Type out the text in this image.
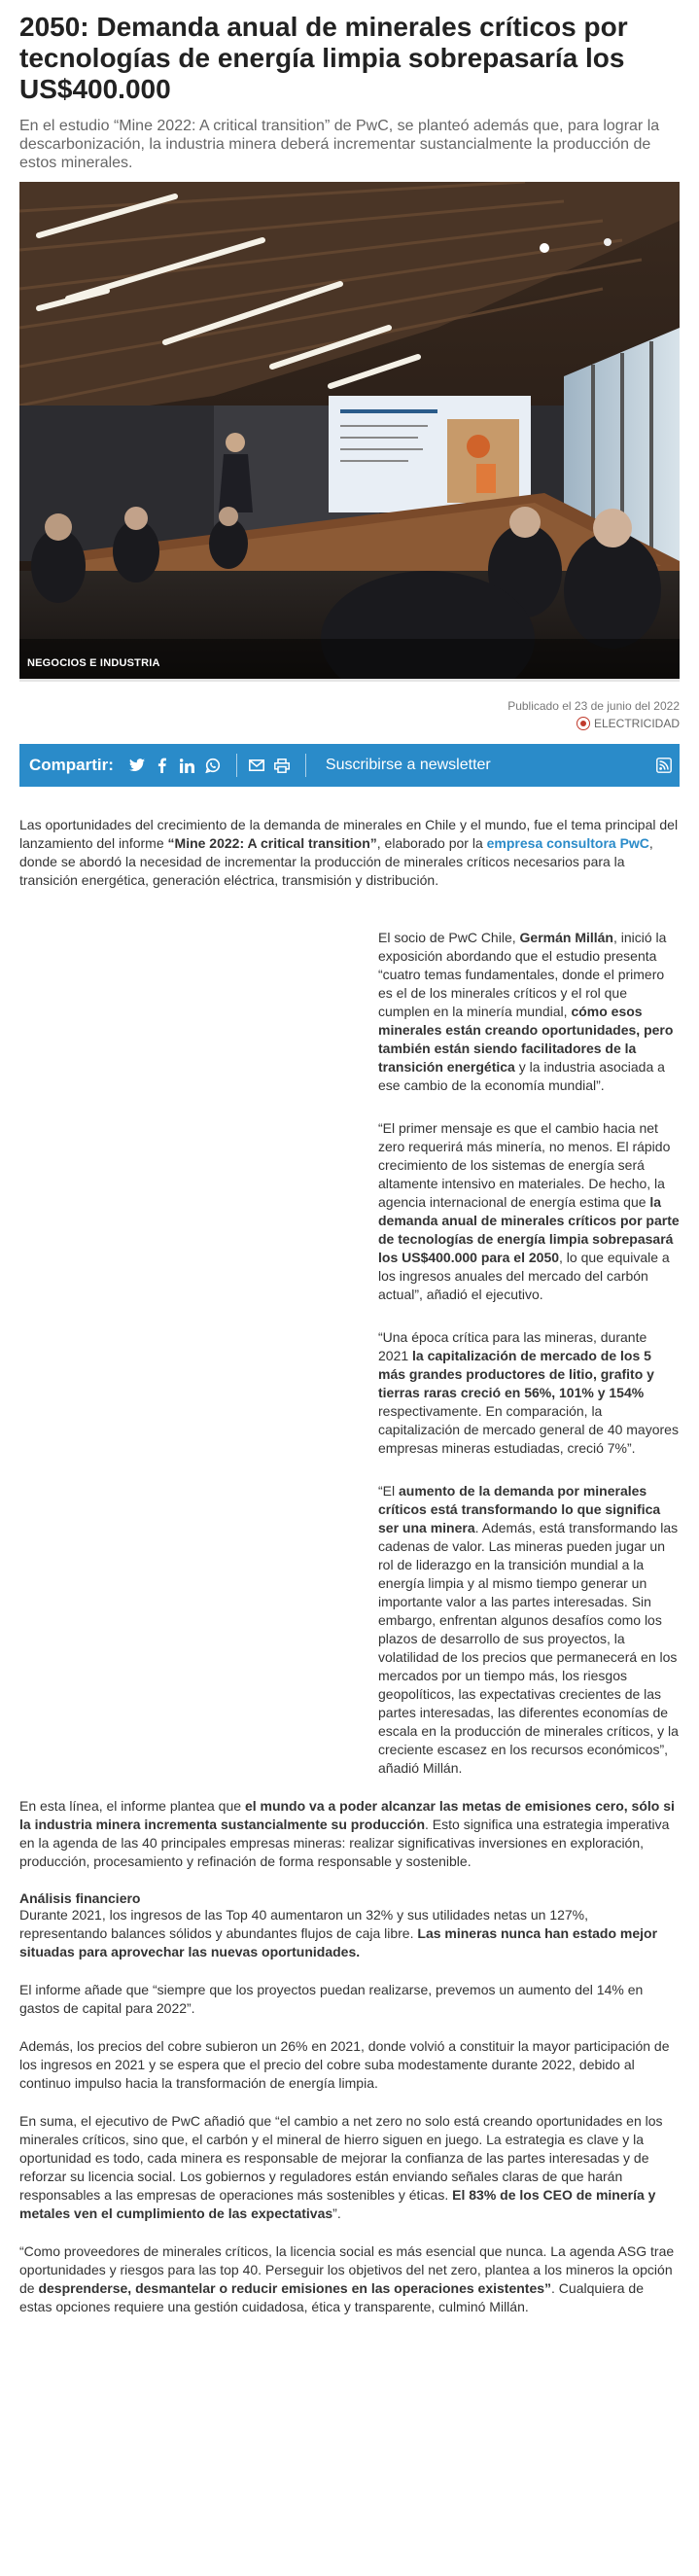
2050: Demanda anual de minerales críticos por tecnologías de energía limpia sobrepasaría los US$400.000

En el estudio “Mine 2022: A critical transition” de PwC, se planteó además que, para lograr la descarbonización, la industria minera deberá incrementar sustancialmente la producción de estos minerales.

NEGOCIOS E INDUSTRIA
Publicado el 23 de junio del 2022
ELECTRICIDAD
Compartir:	Suscribirse a newsletter

Las oportunidades del crecimiento de la demanda de minerales en Chile y el mundo, fue el tema principal del lanzamiento del informe “Mine 2022: A critical transition”, elaborado por la empresa consultora PwC, donde se abordó la necesidad de incrementar la producción de minerales críticos necesarios para la transición energética, generación eléctrica, transmisión y distribución.

El socio de PwC Chile, Germán Millán, inició la exposición abordando que el estudio presenta “cuatro temas fundamentales, donde el primero es el de los minerales críticos y el rol que cumplen en la minería mundial, cómo esos minerales están creando oportunidades, pero también están siendo facilitadores de la transición energética y la industria asociada a ese cambio de la economía mundial”.

“El primer mensaje es que el cambio hacia net zero requerirá más minería, no menos. El rápido crecimiento de los sistemas de energía será altamente intensivo en materiales. De hecho, la agencia internacional de energía estima que la demanda anual de minerales críticos por parte de tecnologías de energía limpia sobrepasará los US$400.000 para el 2050, lo que equivale a los ingresos anuales del mercado del carbón actual”, añadió el ejecutivo.

“Una época crítica para las mineras, durante 2021 la capitalización de mercado de los 5 más grandes productores de litio, grafito y tierras raras creció en 56%, 101% y 154% respectivamente. En comparación, la capitalización de mercado general de 40 mayores empresas mineras estudiadas, creció 7%”.

“El aumento de la demanda por minerales críticos está transformando lo que significa ser una minera. Además, está transformando las cadenas de valor. Las mineras pueden jugar un rol de liderazgo en la transición mundial a la energía limpia y al mismo tiempo generar un importante valor a las partes interesadas. Sin embargo, enfrentan algunos desafíos como los plazos de desarrollo de sus proyectos, la volatilidad de los precios que permanecerá en los mercados por un tiempo más, los riesgos geopolíticos, las expectativas crecientes de las partes interesadas, las diferentes economías de escala en la producción de minerales críticos, y la creciente escasez en los recursos económicos”, añadió Millán.

En esta línea, el informe plantea que el mundo va a poder alcanzar las metas de emisiones cero, sólo si la industria minera incrementa sustancialmente su producción. Esto significa una estrategia imperativa en la agenda de las 40 principales empresas mineras: realizar significativas inversiones en exploración, producción, procesamiento y refinación de forma responsable y sostenible.

Análisis financiero

Durante 2021, los ingresos de las Top 40 aumentaron un 32% y sus utilidades netas un 127%, representando balances sólidos y abundantes flujos de caja libre. Las mineras nunca han estado mejor situadas para aprovechar las nuevas oportunidades.

El informe añade que “siempre que los proyectos puedan realizarse, prevemos un aumento del 14% en gastos de capital para 2022”.

Además, los precios del cobre subieron un 26% en 2021, donde volvió a constituir la mayor participación de los ingresos en 2021 y se espera que el precio del cobre suba modestamente durante 2022, debido al continuo impulso hacia la transformación de energía limpia.

En suma, el ejecutivo de PwC añadió que “el cambio a net zero no solo está creando oportunidades en los minerales críticos, sino que, el carbón y el mineral de hierro siguen en juego. La estrategia es clave y la oportunidad es todo, cada minera es responsable de mejorar la confianza de las partes interesadas y de reforzar su licencia social. Los gobiernos y reguladores están enviando señales claras de que harán responsables a las empresas de operaciones más sostenibles y éticas. El 83% de los CEO de minería y metales ven el cumplimiento de las expectativas”.

“Como proveedores de minerales críticos, la licencia social es más esencial que nunca. La agenda ASG trae oportunidades y riesgos para las top 40. Perseguir los objetivos del net zero, plantea a los mineros la opción de desprenderse, desmantelar o reducir emisiones en las operaciones existentes”. Cualquiera de estas opciones requiere una gestión cuidadosa, ética y transparente, culminó Millán.
